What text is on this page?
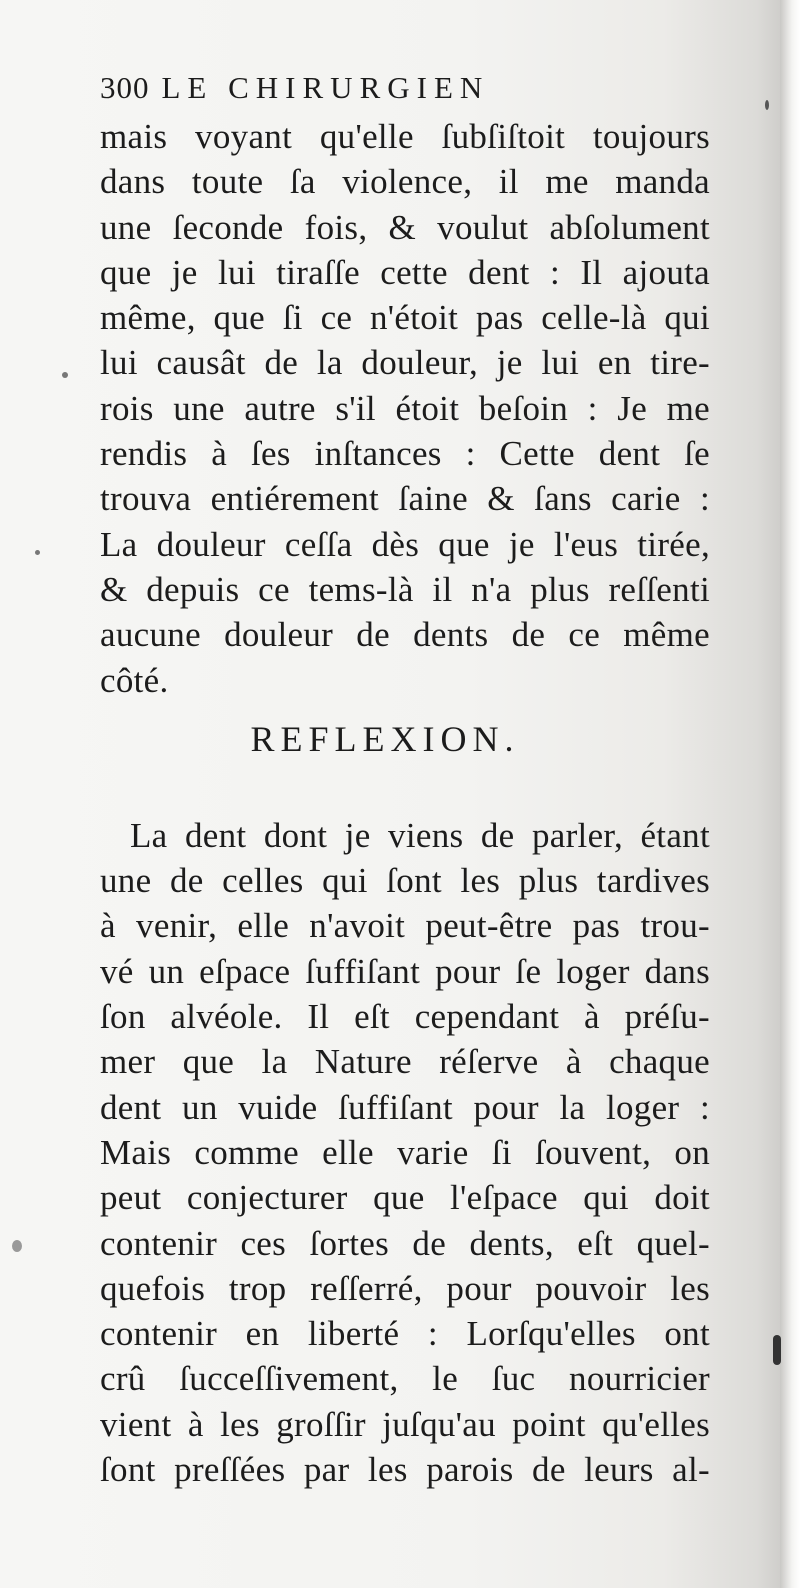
300 LE CHIRURGIEN
mais voyant qu'elle ſubſiſtoit toujours
dans toute ſa violence, il me manda
une ſeconde fois, & voulut abſolument
que je lui tiraſſe cette dent : Il ajouta
même, que ſi ce n'étoit pas celle-là qui
lui causât de la douleur, je lui en tire-
rois une autre s'il étoit beſoin : Je me
rendis à ſes inſtances : Cette dent ſe
trouva entiérement ſaine & ſans carie :
La douleur ceſſa dès que je l'eus tirée,
& depuis ce tems-là il n'a plus reſſenti
aucune douleur de dents de ce même
côté.
REFLEXION.
La dent dont je viens de parler, étant
une de celles qui ſont les plus tardives
à venir, elle n'avoit peut-être pas trou-
vé un eſpace ſuffiſant pour ſe loger dans
ſon alvéole. Il eſt cependant à préſu-
mer que la Nature réſerve à chaque
dent un vuide ſuffiſant pour la loger :
Mais comme elle varie ſi ſouvent, on
peut conjecturer que l'eſpace qui doit
contenir ces ſortes de dents, eſt quel-
quefois trop reſſerré, pour pouvoir les
contenir en liberté : Lorſqu'elles ont
crû ſucceſſivement, le ſuc nourricier
vient à les groſſir juſqu'au point qu'elles
ſont preſſées par les parois de leurs al-
